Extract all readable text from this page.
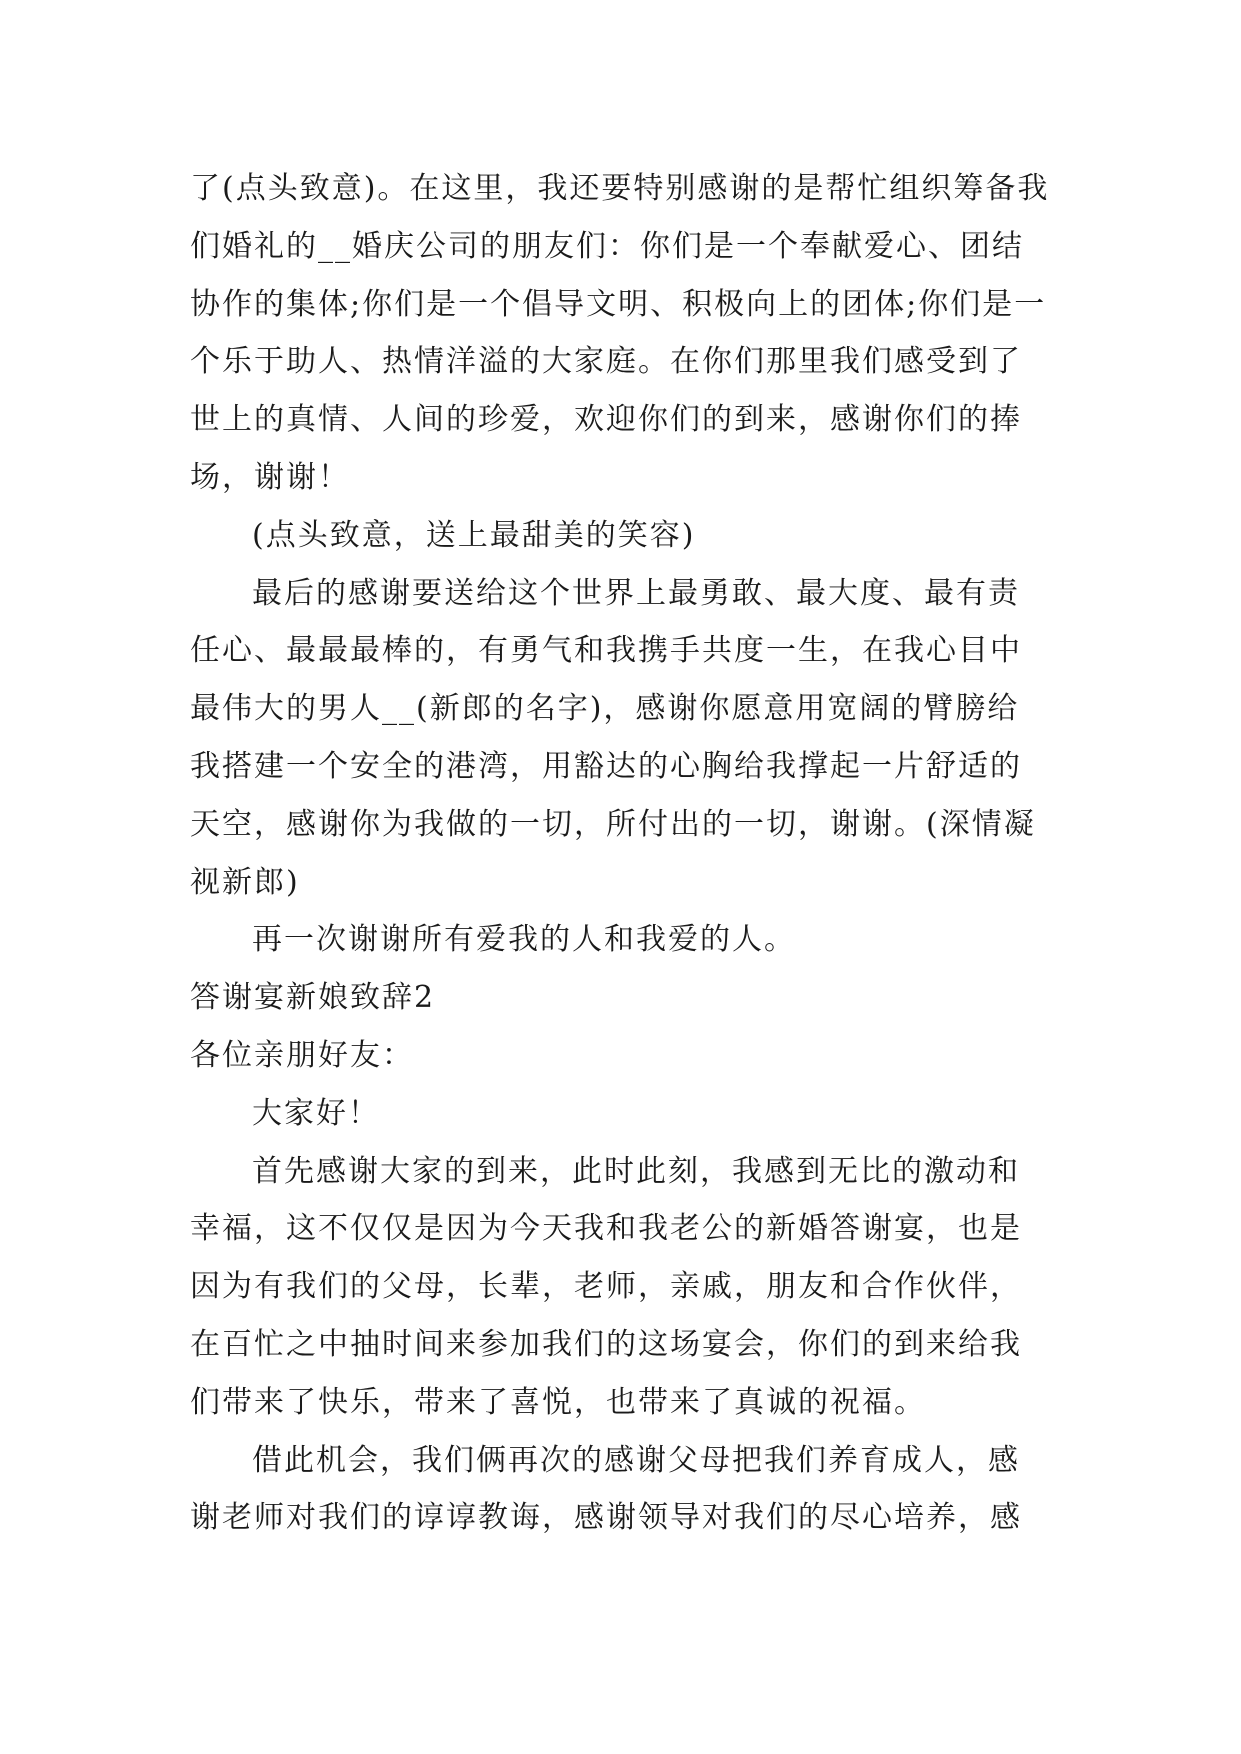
了(点头致意)。在这里，我还要特别感谢的是帮忙组织筹备我们婚礼的__婚庆公司的朋友们：你们是一个奉献爱心、团结协作的集体;你们是一个倡导文明、积极向上的团体;你们是一个乐于助人、热情洋溢的大家庭。在你们那里我们感受到了世上的真情、人间的珍爱，欢迎你们的到来，感谢你们的捧场，谢谢！

(点头致意，送上最甜美的笑容)

最后的感谢要送给这个世界上最勇敢、最大度、最有责任心、最最最棒的，有勇气和我携手共度一生，在我心目中最伟大的男人__(新郎的名字)，感谢你愿意用宽阔的臂膀给我搭建一个安全的港湾，用豁达的心胸给我撑起一片舒适的天空，感谢你为我做的一切，所付出的一切，谢谢。(深情凝视新郎)

再一次谢谢所有爱我的人和我爱的人。

答谢宴新娘致辞2

各位亲朋好友：

大家好！

首先感谢大家的到来，此时此刻，我感到无比的激动和幸福，这不仅仅是因为今天我和我老公的新婚答谢宴，也是因为有我们的父母，长辈，老师，亲戚，朋友和合作伙伴，在百忙之中抽时间来参加我们的这场宴会，你们的到来给我们带来了快乐，带来了喜悦，也带来了真诚的祝福。

借此机会，我们俩再次的感谢父母把我们养育成人，感谢老师对我们的谆谆教诲，感谢领导对我们的尽心培养，感
